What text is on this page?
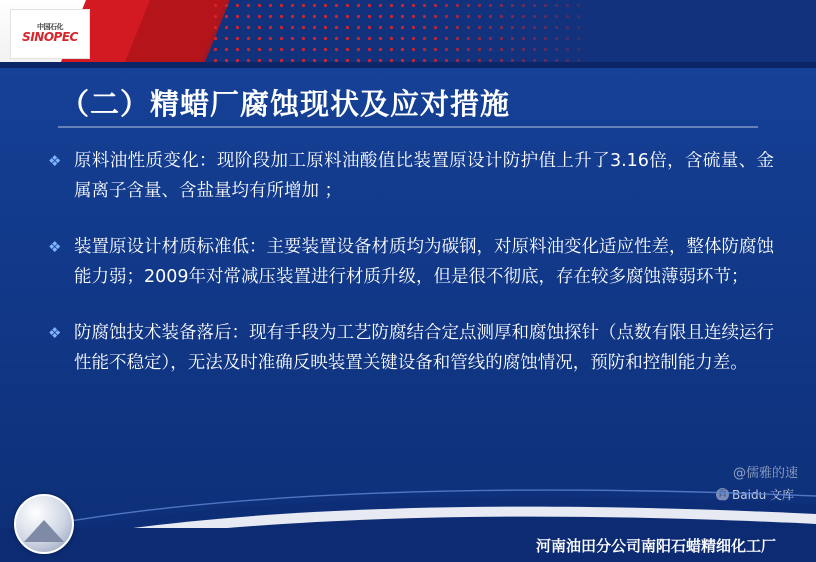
中国石化
SINOPEC
（二）精蜡厂腐蚀现状及应对措施
❖ 原料油性质变化：现阶段加工原料油酸值比装置原设计防护值上升了3.16倍，含硫量、金属离子含量、含盐量均有所增加 ；
❖ 装置原设计材质标准低：主要装置设备材质均为碳钢，对原料油变化适应性差，整体防腐蚀能力弱；2009年对常减压装置进行材质升级，但是很不彻底，存在较多腐蚀薄弱环节；
❖ 防腐蚀技术装备落后：现有手段为工艺防腐结合定点测厚和腐蚀探针（点数有限且连续运行性能不稳定），无法及时准确反映装置关键设备和管线的腐蚀情况，预防和控制能力差。
@儒雅的速
百 Baidu 文库
河南油田分公司南阳石蜡精细化工厂
